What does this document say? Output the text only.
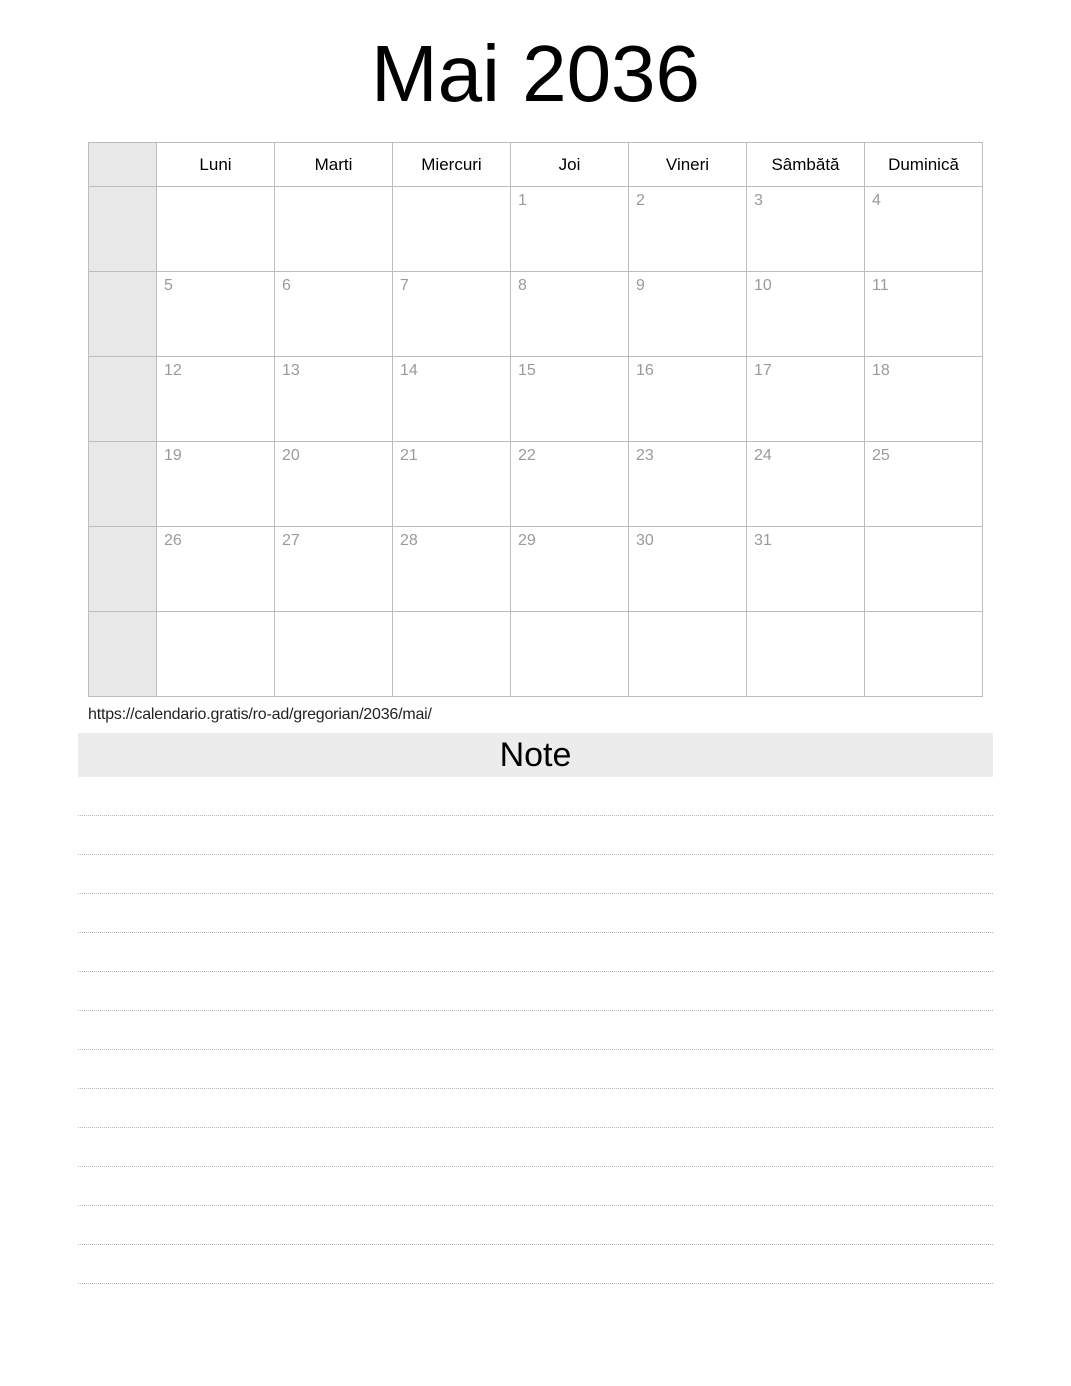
Mai 2036
	Luni	Marti	Miercuri	Joi	Vineri	Sâmbătă	Duminică

				1	2	3	4

	5	6	7	8	9	10	11

	12	13	14	15	16	17	18

	19	20	21	22	23	24	25

	26	27	28	29	30	31	

https://calendario.gratis/ro-ad/gregorian/2036/mai/
Note
